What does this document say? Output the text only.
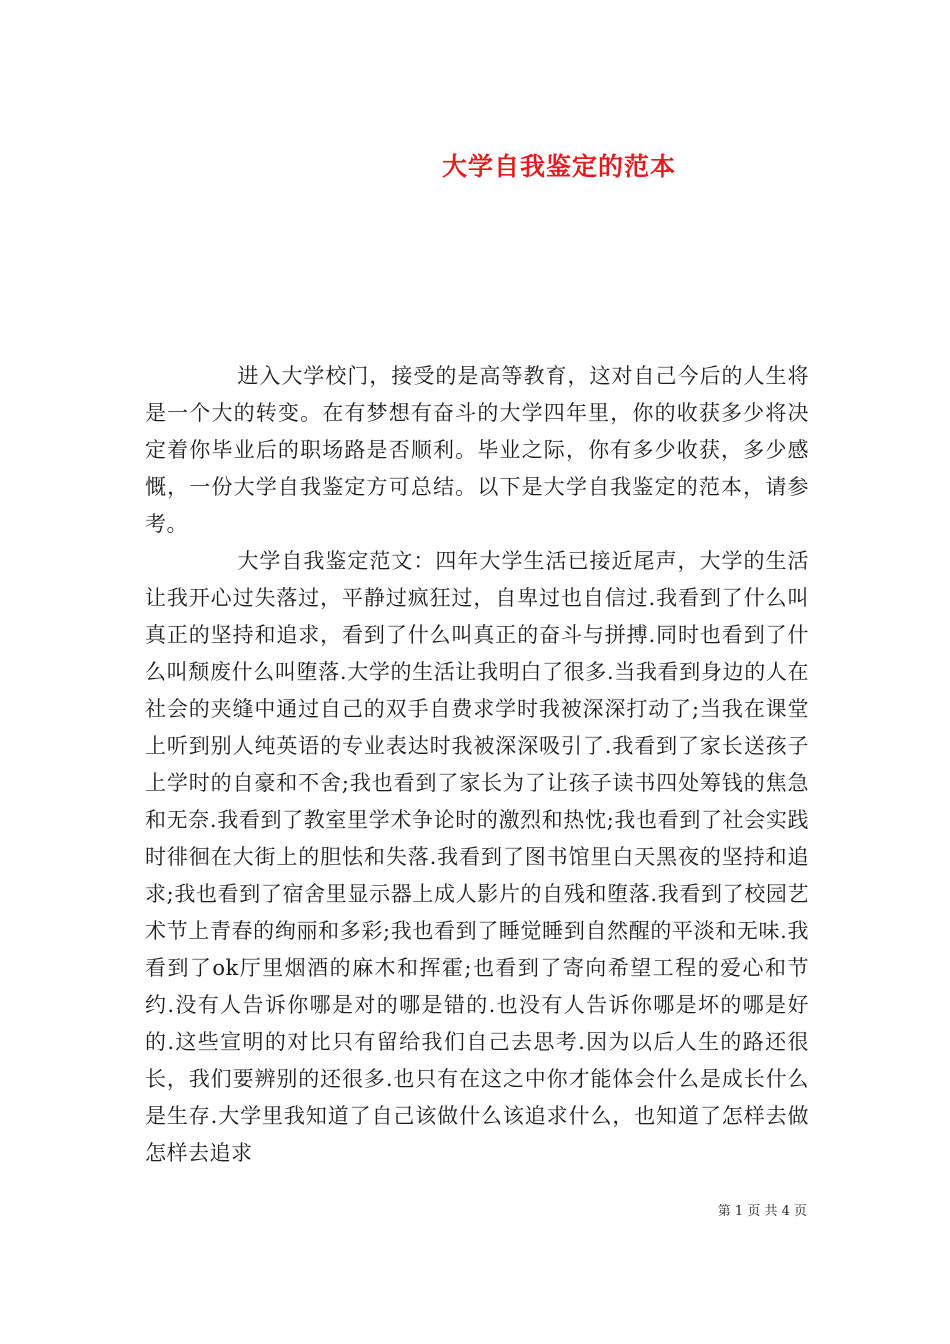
大学自我鉴定的范本

进入大学校门，接受的是高等教育，这对自己今后的人生将是一个大的转变。在有梦想有奋斗的大学四年里，你的收获多少将决定着你毕业后的职场路是否顺利。毕业之际，你有多少收获，多少感慨，一份大学自我鉴定方可总结。以下是大学自我鉴定的范本，请参考。

大学自我鉴定范文：四年大学生活已接近尾声，大学的生活让我开心过失落过，平静过疯狂过，自卑过也自信过.我看到了什么叫真正的坚持和追求，看到了什么叫真正的奋斗与拼搏.同时也看到了什么叫颓废什么叫堕落.大学的生活让我明白了很多.当我看到身边的人在社会的夹缝中通过自己的双手自费求学时我被深深打动了;当我在课堂上听到别人纯英语的专业表达时我被深深吸引了.我看到了家长送孩子上学时的自豪和不舍;我也看到了家长为了让孩子读书四处筹钱的焦急和无奈.我看到了教室里学术争论时的激烈和热忱;我也看到了社会实践时徘徊在大街上的胆怯和失落.我看到了图书馆里白天黑夜的坚持和追求;我也看到了宿舍里显示器上成人影片的自残和堕落.我看到了校园艺术节上青春的绚丽和多彩;我也看到了睡觉睡到自然醒的平淡和无味.我看到了ok厅里烟酒的麻木和挥霍;也看到了寄向希望工程的爱心和节约.没有人告诉你哪是对的哪是错的.也没有人告诉你哪是坏的哪是好的.这些宣明的对比只有留给我们自己去思考.因为以后人生的路还很长，我们要辨别的还很多.也只有在这之中你才能体会什么是成长什么是生存.大学里我知道了自己该做什么该追求什么，也知道了怎样去做怎样去追求

第 1 页 共 4 页
